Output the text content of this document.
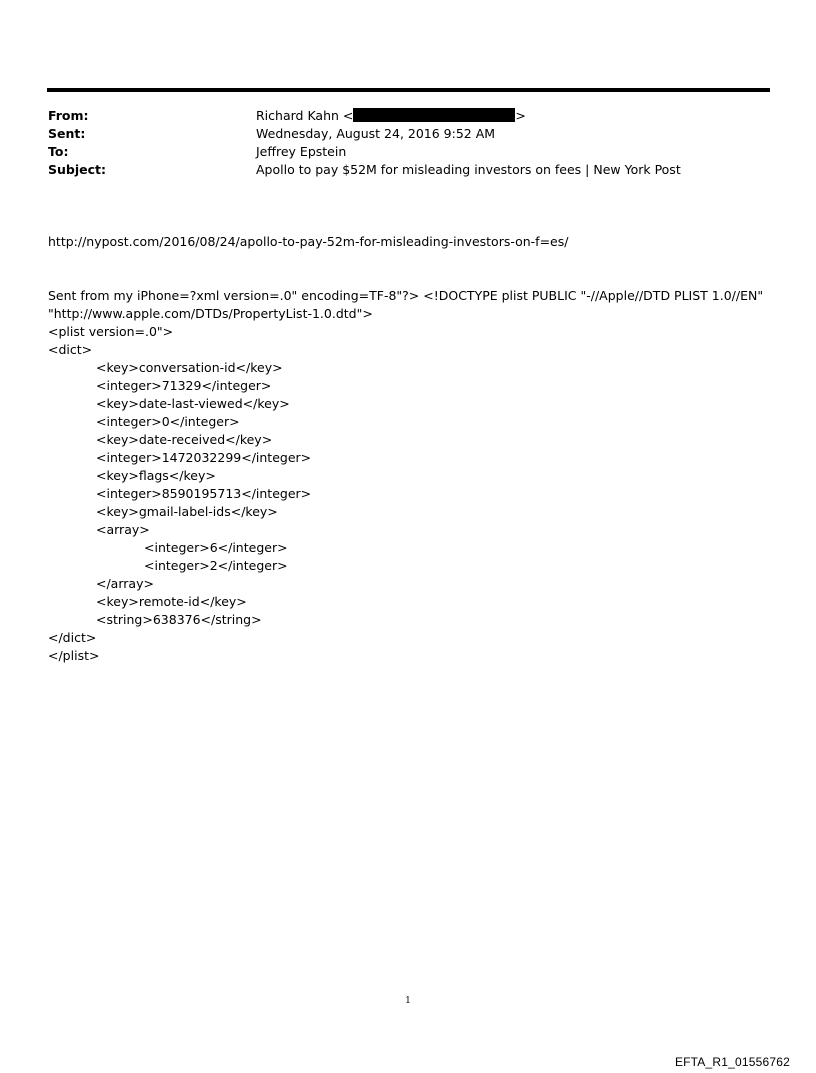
From:	Richard Kahn <	>
Sent:	Wednesday, August 24, 2016 9:52 AM
To:	Jeffrey Epstein
Subject:	Apollo to pay $52M for misleading investors on fees | New York Post
http://nypost.com/2016/08/24/apollo-to-pay-52m-for-misleading-investors-on-f=es/
Sent from my iPhone=?xml version=.0" encoding=TF-8"?> <!DOCTYPE plist PUBLIC "-//Apple//DTD PLIST 1.0//EN"
"http://www.apple.com/DTDs/PropertyList-1.0.dtd">
<plist version=.0">
<dict>
<key>conversation-id</key>
<integer>71329</integer>
<key>date-last-viewed</key>
<integer>0</integer>
<key>date-received</key>
<integer>1472032299</integer>
<key>flags</key>
<integer>8590195713</integer>
<key>gmail-label-ids</key>
<array>
<integer>6</integer>
<integer>2</integer>
</array>
<key>remote-id</key>
<string>638376</string>
</dict>
</plist>
1
EFTA_R1_01556762
